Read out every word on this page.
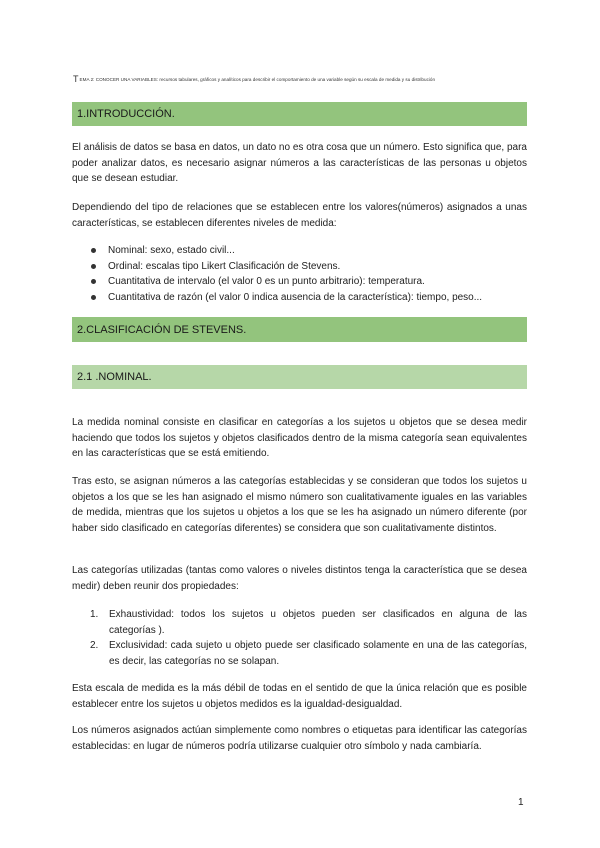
TEMA 2: CONOCER UNA VARIABLES: recursos tabulares, gráficos y analíticos para describir el comportamiento de una variable según su escala de medida y su distribución
1.INTRODUCCIÓN.

El análisis de datos se basa en datos, un dato no es otra cosa que un número. Esto significa que, para poder analizar datos, es necesario asignar números a las características de las personas u objetos que se desean estudiar.

Dependiendo del tipo de relaciones que se establecen entre los valores(números) asignados a unas características, se establecen diferentes niveles de medida:

Nominal: sexo, estado civil...
Ordinal: escalas tipo Likert Clasificación de Stevens.
Cuantitativa de intervalo (el valor 0 es un punto arbitrario): temperatura.
Cuantitativa de razón (el valor 0 indica ausencia de la característica): tiempo, peso...
2.CLASIFICACIÓN DE STEVENS.
2.1 .NOMINAL.

La medida nominal consiste en clasificar en categorías a los sujetos u objetos que se desea medir haciendo que todos los sujetos y objetos clasificados dentro de la misma categoría sean equivalentes en las características que se está emitiendo.

Tras esto, se asignan números a las categorías establecidas y se consideran que todos los sujetos u objetos a los que se les han asignado el mismo número son cualitativamente iguales en las variables de medida, mientras que los sujetos u objetos a los que se les ha asignado un número diferente (por haber sido clasificado en categorías diferentes) se considera que son cualitativamente distintos.

Las categorías utilizadas (tantas como valores o niveles distintos tenga la característica que se desea medir) deben reunir dos propiedades:

1. Exhaustividad: todos los sujetos u objetos pueden ser clasificados en alguna de las categorías ).
2. Exclusividad: cada sujeto u objeto puede ser clasificado solamente en una de las categorías, es decir, las categorías no se solapan.

Esta escala de medida es la más débil de todas en el sentido de que la única relación que es posible establecer entre los sujetos u objetos medidos es la igualdad-desigualdad.

Los números asignados actúan simplemente como nombres o etiquetas para identificar las categorías establecidas: en lugar de números podría utilizarse cualquier otro símbolo y nada cambiaría.

1
